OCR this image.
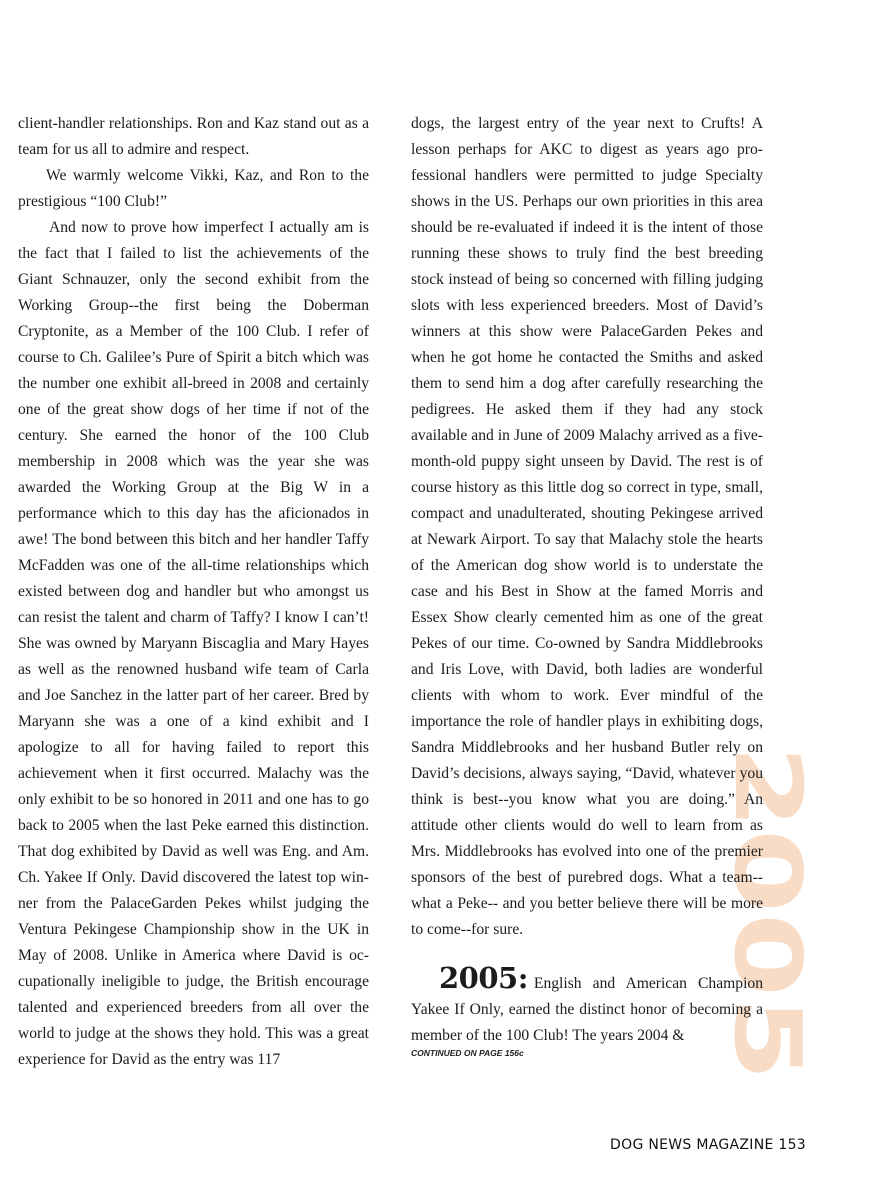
client-handler relationships. Ron and Kaz stand out as a team for us all to admire and respect.

We warmly welcome Vikki, Kaz, and Ron to the prestigious “100 Club!”

And now to prove how imperfect I actually am is the fact that I failed to list the achievements of the Giant Schnauzer, only the second exhibit from the Working Group--the first being the Doberman Cryptonite, as a Member of the 100 Club. I refer of course to Ch. Galilee’s Pure of Spirit a bitch which was the number one exhibit all-breed in 2008 and certainly one of the great show dogs of her time if not of the century. She earned the honor of the 100 Club membership in 2008 which was the year she was awarded the Working Group at the Big W in a performance which to this day has the aficionados in awe! The bond between this bitch and her handler Taffy McFadden was one of the all-time relationships which existed between dog and handler but who amongst us can resist the talent and charm of Taffy? I know I can’t! She was owned by Maryann Biscaglia and Mary Hayes as well as the renowned husband wife team of Carla and Joe Sanchez in the latter part of her career. Bred by Maryann she was a one of a kind exhibit and I apologize to all for having failed to report this achievement when it first occurred. Malachy was the only exhibit to be so honored in 2011 and one has to go back to 2005 when the last Peke earned this distinction. That dog exhibited by David as well was Eng. and Am. Ch. Yakee If Only. David discovered the latest top winner from the PalaceGarden Pekes whilst judging the Ventura Pekingese Championship show in the UK in May of 2008. Unlike in America where David is occupationally ineligible to judge, the British encourage talented and experienced breeders from all over the world to judge at the shows they hold. This was a great experience for David as the entry was 117

2005

dogs, the largest entry of the year next to Crufts! A lesson perhaps for AKC to digest as years ago professional handlers were permitted to judge Specialty shows in the US. Perhaps our own priorities in this area should be re-evaluated if indeed it is the intent of those running these shows to truly find the best breeding stock instead of being so concerned with filling judging slots with less experienced breeders. Most of David’s winners at this show were PalaceGarden Pekes and when he got home he contacted the Smiths and asked them to send him a dog after carefully researching the pedigrees. He asked them if they had any stock available and in June of 2009 Malachy arrived as a five-month-old puppy sight unseen by David. The rest is of course history as this little dog so correct in type, small, compact and unadulterated, shouting Pekingese arrived at Newark Airport. To say that Malachy stole the hearts of the American dog show world is to understate the case and his Best in Show at the famed Morris and Essex Show clearly cemented him as one of the great Pekes of our time. Co-owned by Sandra Middlebrooks and Iris Love, with David, both ladies are wonderful clients with whom to work. Ever mindful of the importance the role of handler plays in exhibiting dogs, Sandra Middlebrooks and her husband Butler rely on David’s decisions, always saying, “David, whatever you think is best--you know what you are doing.” An attitude other clients would do well to learn from as Mrs. Middlebrooks has evolved into one of the premier sponsors of the best of purebred dogs. What a team--what a Peke-- and you better believe there will be more to come--for sure.

2005: English and American Champion Yakee If Only, earned the distinct honor of becoming a member of the 100 Club! The years 2004 &

CONTINUED ON PAGE 156c
DOG NEWS MAGAZINE 153
